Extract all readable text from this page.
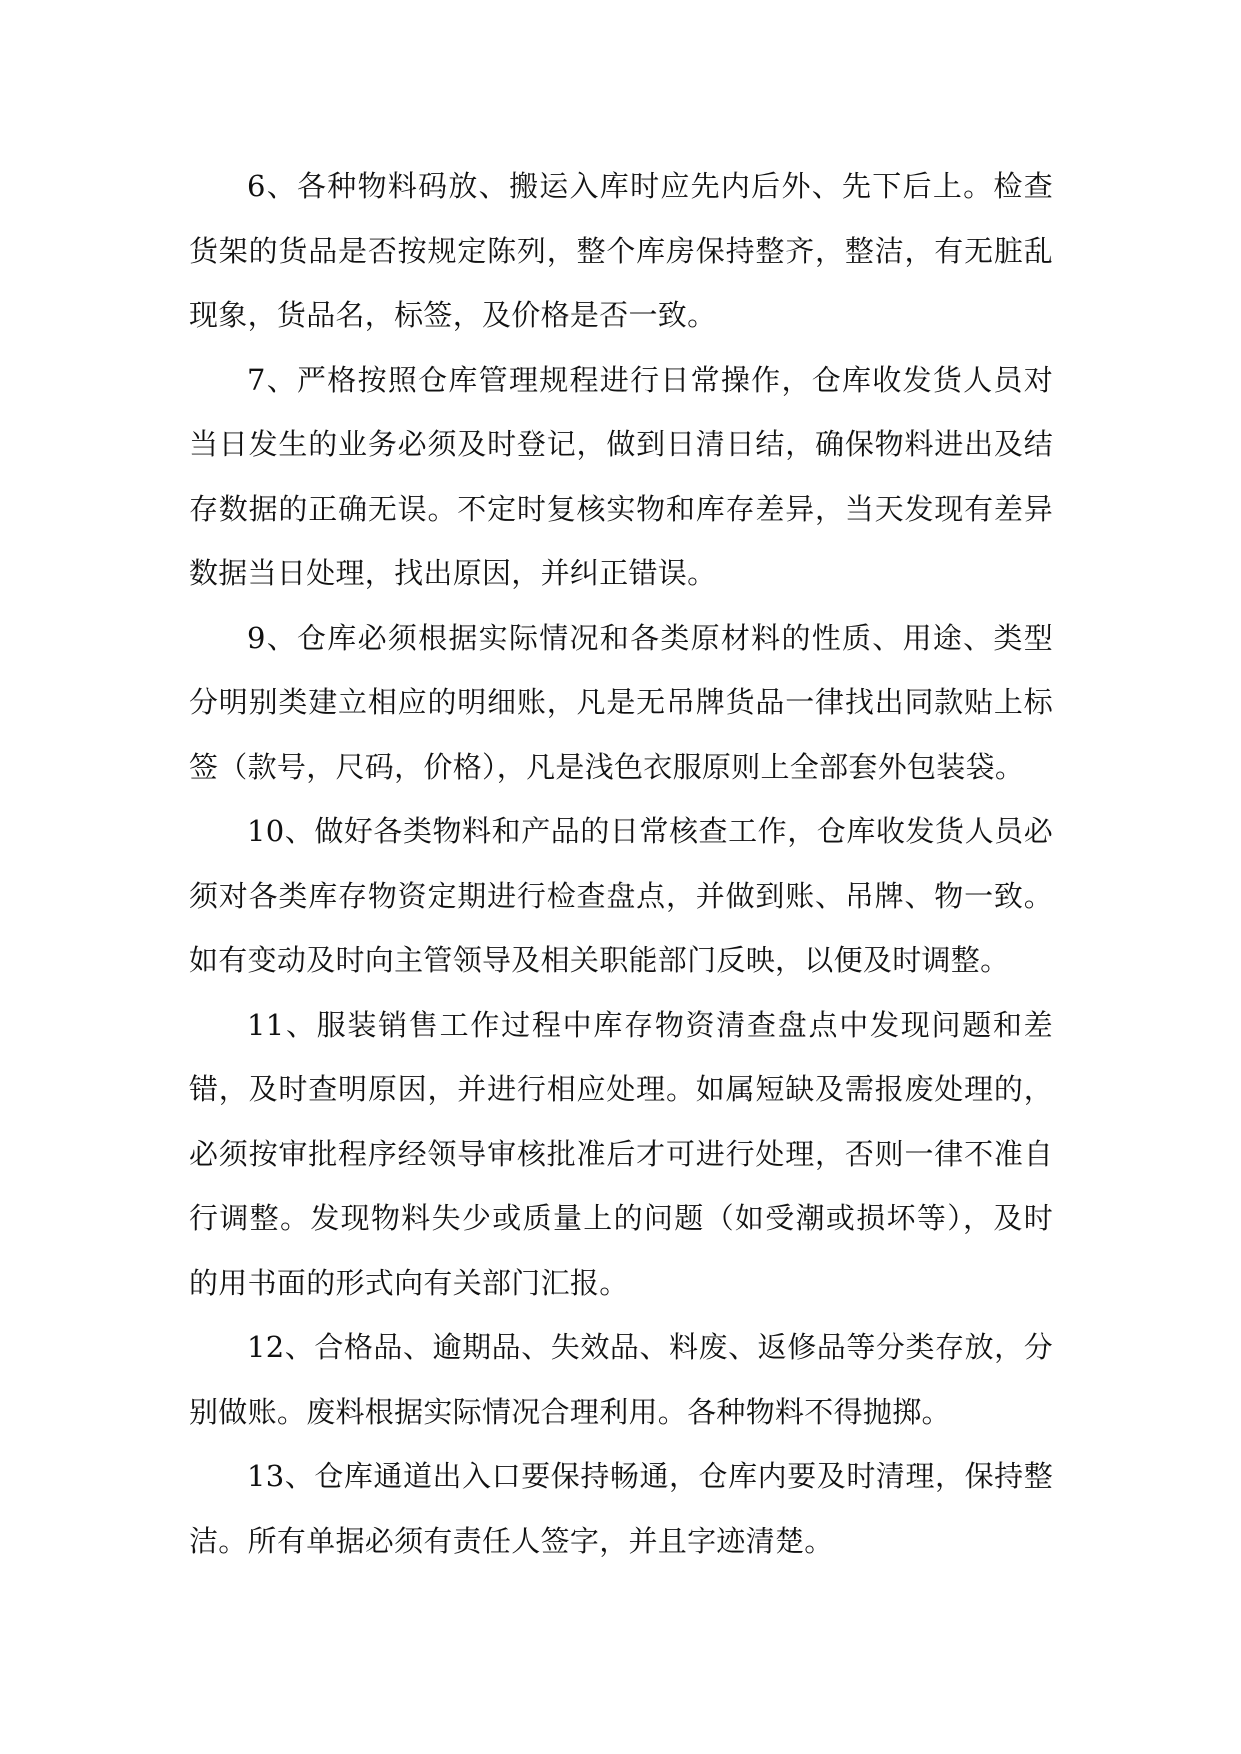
6、各种物料码放、搬运入库时应先内后外、先下后上。检查货架的货品是否按规定陈列，整个库房保持整齐，整洁，有无脏乱现象，货品名，标签，及价格是否一致。

7、严格按照仓库管理规程进行日常操作，仓库收发货人员对当日发生的业务必须及时登记，做到日清日结，确保物料进出及结存数据的正确无误。不定时复核实物和库存差异，当天发现有差异数据当日处理，找出原因，并纠正错误。

9、仓库必须根据实际情况和各类原材料的性质、用途、类型分明别类建立相应的明细账，凡是无吊牌货品一律找出同款贴上标签（款号，尺码，价格），凡是浅色衣服原则上全部套外包装袋。

10、做好各类物料和产品的日常核查工作，仓库收发货人员必须对各类库存物资定期进行检查盘点，并做到账、吊牌、物一致。如有变动及时向主管领导及相关职能部门反映，以便及时调整。

11、服装销售工作过程中库存物资清查盘点中发现问题和差错，及时查明原因，并进行相应处理。如属短缺及需报废处理的，必须按审批程序经领导审核批准后才可进行处理，否则一律不准自行调整。发现物料失少或质量上的问题（如受潮或损坏等），及时的用书面的形式向有关部门汇报。

12、合格品、逾期品、失效品、料废、返修品等分类存放，分别做账。废料根据实际情况合理利用。各种物料不得抛掷。

13、仓库通道出入口要保持畅通，仓库内要及时清理，保持整洁。所有单据必须有责任人签字，并且字迹清楚。
